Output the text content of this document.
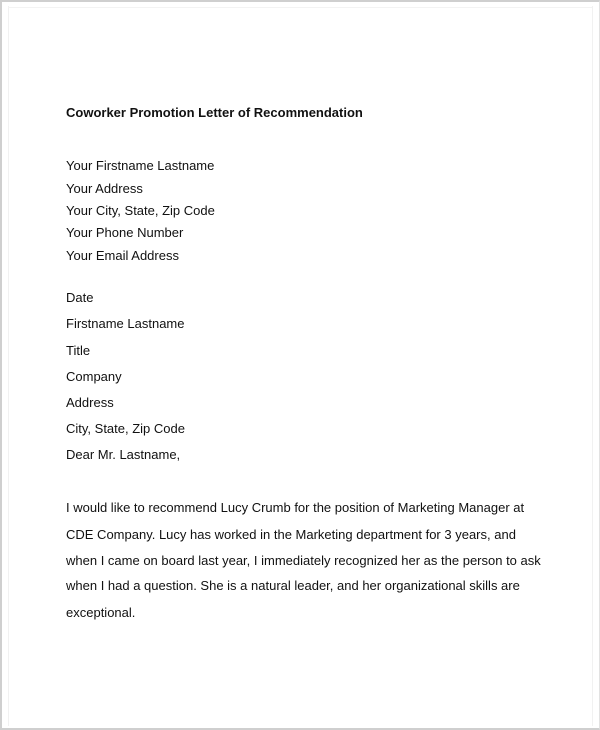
Coworker Promotion Letter of Recommendation
Your Firstname Lastname
Your Address
Your City, State, Zip Code
Your Phone Number
Your Email Address
Date
Firstname Lastname
Title
Company
Address
City, State, Zip Code
Dear Mr. Lastname,
I would like to recommend Lucy Crumb for the position of Marketing Manager at
CDE Company. Lucy has worked in the Marketing department for 3 years, and
when I came on board last year, I immediately recognized her as the person to ask
when I had a question. She is a natural leader, and her organizational skills are
exceptional.
